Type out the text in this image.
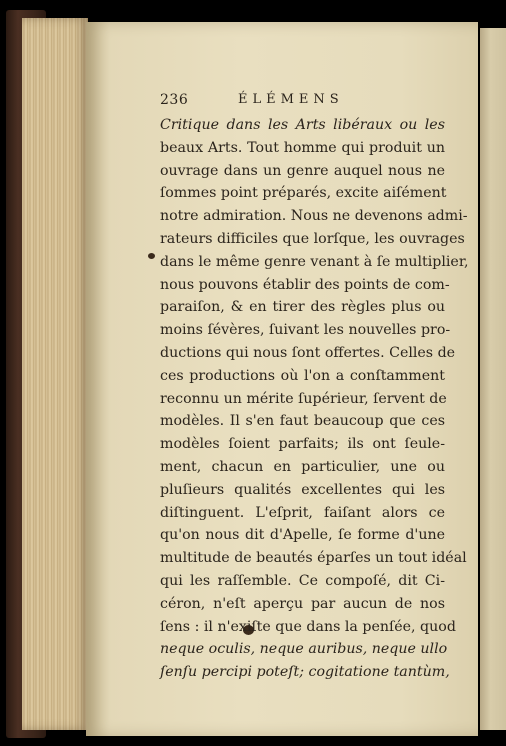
236	ÉLÉMENS
Critique dans les Arts libéraux ou les
beaux Arts. Tout homme qui produit un
ouvrage dans un genre auquel nous ne
ſommes point préparés, excite aiſément
notre admiration. Nous ne devenons admi-
rateurs difficiles que lorſque, les ouvrages
dans le même genre venant à ſe multiplier,
nous pouvons établir des points de com-
paraiſon, & en tirer des règles plus ou
moins ſévères, ſuivant les nouvelles pro-
ductions qui nous ſont offertes. Celles de
ces productions où l'on a conſtamment
reconnu un mérite ſupérieur, ſervent de
modèles. Il s'en faut beaucoup que ces
modèles ſoient parfaits; ils ont ſeule-
ment, chacun en particulier, une ou
pluſieurs qualités excellentes qui les
diſtinguent. L'eſprit, faiſant alors ce
qu'on nous dit d'Apelle, ſe forme d'une
multitude de beautés éparſes un tout idéal
qui les raſſemble. Ce compoſé, dit Ci-
céron, n'eſt aperçu par aucun de nos
ſens : il n'exiſte que dans la penſée, quod
neque oculis, neque auribus, neque ullo
ſenſu percipi poteſt; cogitatione tantùm,
